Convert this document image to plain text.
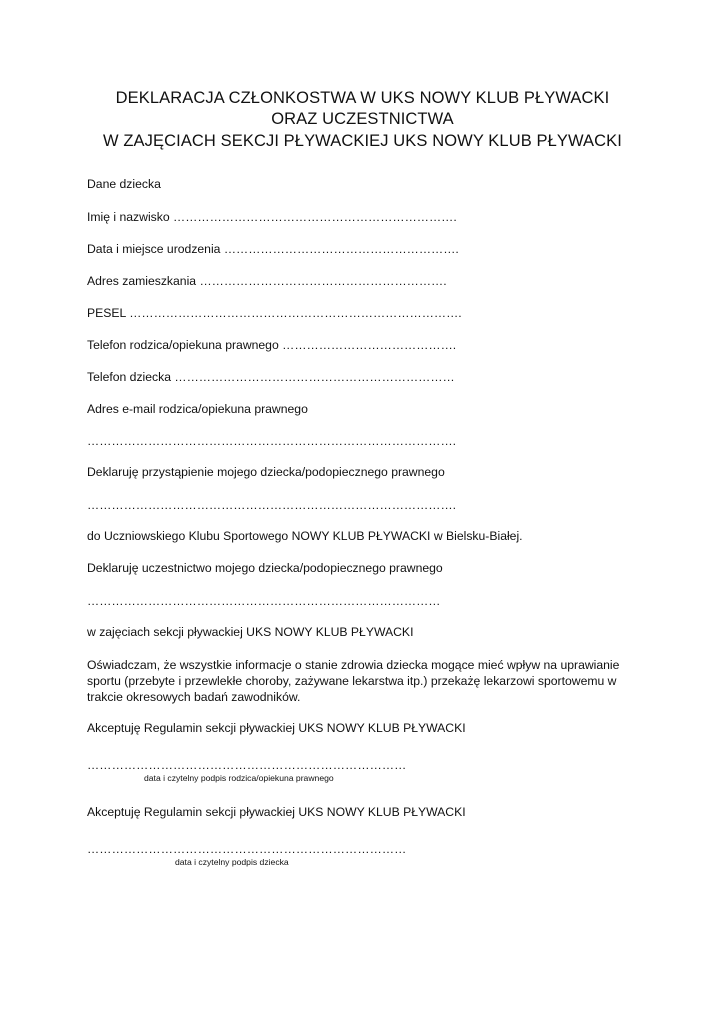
DEKLARACJA CZŁONKOSTWA W UKS NOWY KLUB PŁYWACKI
ORAZ UCZESTNICTWA
W ZAJĘCIACH SEKCJI PŁYWACKIEJ UKS NOWY KLUB PŁYWACKI
Dane dziecka
Imię i nazwisko …………………………………………………………….
Data i miejsce urodzenia ………………………………………………….
Adres zamieszkania …………………………………………………….
PESEL ……………………………………………………………………….
Telefon rodzica/opiekuna prawnego …………………………………….
Telefon dziecka ……………………………………………………………
Adres e-mail rodzica/opiekuna prawnego
……………………………………………………………………………….
Deklaruję przystąpienie mojego dziecka/podopiecznego prawnego
……………………………………………………………………………….
do Uczniowskiego Klubu Sportowego NOWY KLUB PŁYWACKI w Bielsku-Białej.
Deklaruję uczestnictwo mojego dziecka/podopiecznego prawnego
……………………………………………………………………………
w zajęciach sekcji pływackiej UKS NOWY KLUB PŁYWACKI
Oświadczam, że wszystkie informacje o stanie zdrowia dziecka mogące mieć wpływ na uprawianie sportu (przebyte i przewlekłe choroby, zażywane lekarstwa itp.) przekażę lekarzowi sportowemu w trakcie okresowych badań zawodników.
Akceptuję Regulamin sekcji pływackiej UKS NOWY KLUB PŁYWACKI
……………………………………………………………………
data i czytelny podpis rodzica/opiekuna prawnego
Akceptuję Regulamin sekcji pływackiej UKS NOWY KLUB PŁYWACKI
……………………………………………………………………
data i czytelny podpis dziecka
